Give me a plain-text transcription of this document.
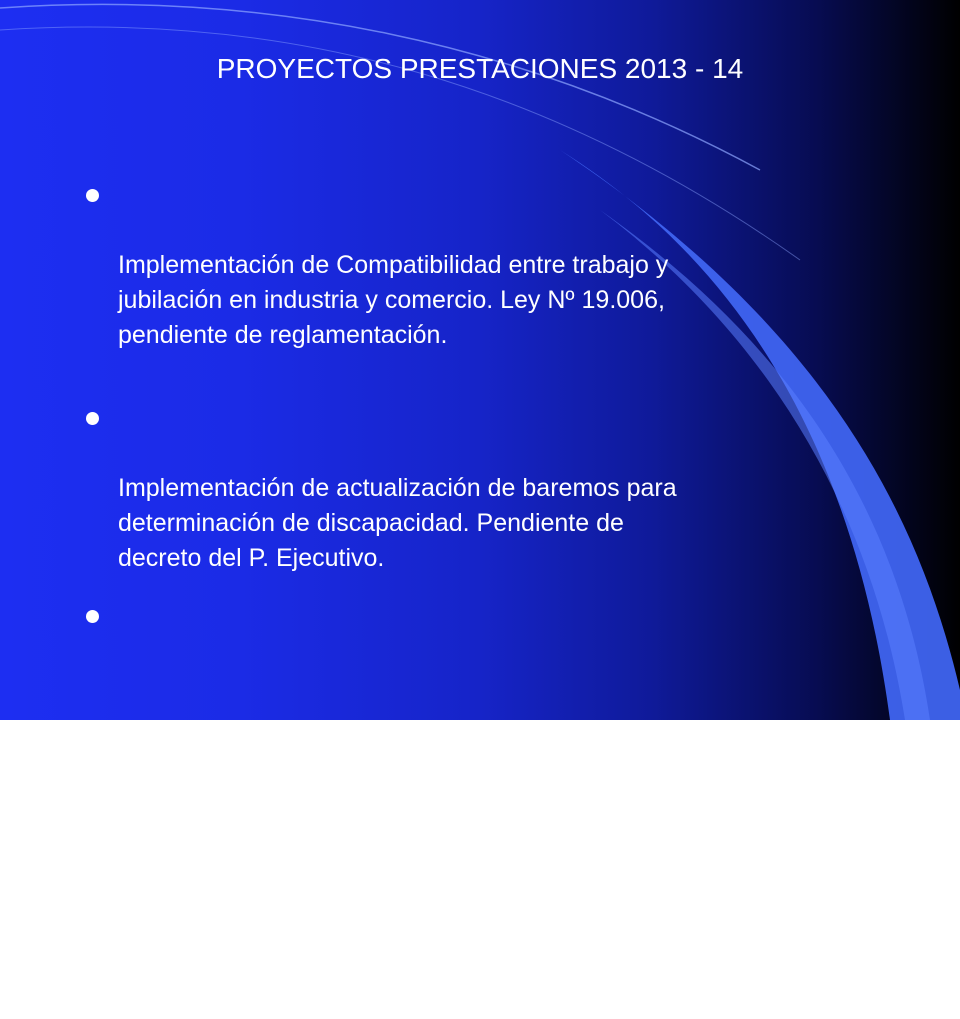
PROYECTOS PRESTACIONES 2013 - 14

Implementación de Compatibilidad entre trabajo y
jubilación en industria y comercio. Ley Nº 19.006,
pendiente de reglamentación.

Implementación de actualización de baremos para
determinación de discapacidad. Pendiente de
decreto del P. Ejecutivo.

Sistema de automatización de la determinación de
incapacidad para jubilación

Definición y unificación de procesos de Evaluación
de Incapacidad ( Certificaciones medicas y peritajes).
